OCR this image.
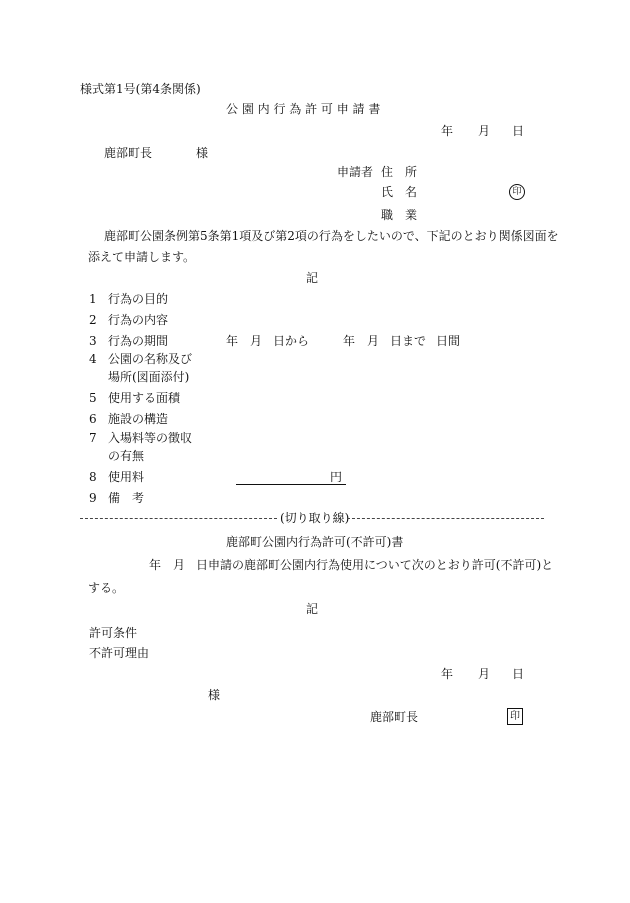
様式第1号(第4条関係)
公 園 内 行 為 許 可 申 請 書
年 月 日
鹿部町長	様
申請者 住　所
氏　名	印
職　業
鹿部町公園条例第5条第1項及び第2項の行為をしたいので、下記のとおり関係図面を
添えて申請します。
記
1 行為の目的
2 行為の内容
3 行為の期間	年 月 日から	年 月 日まで 日間
4 公園の名称及び
場所(図面添付)
5 使用する面積
6 施設の構造
7 入場料等の徴収
の有無
8 使用料	円
9 備　考
(切り取り線)
鹿部町公園内行為許可(不許可)書
年 月 日申請の鹿部町公園内行為使用について次のとおり許可(不許可)と
する。
記
許可条件
不許可理由
年 月 日
様
鹿部町長	印
